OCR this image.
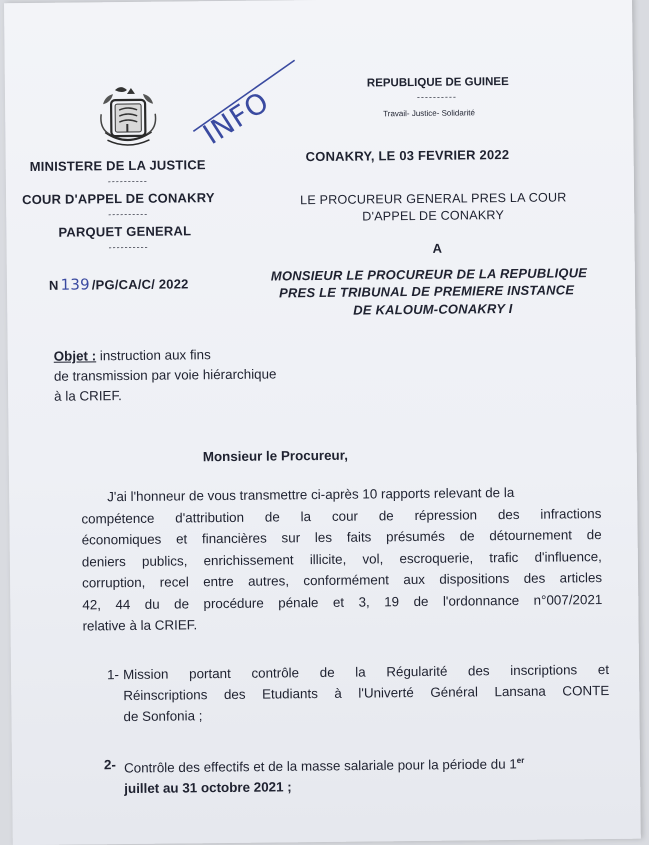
INFO
MINISTERE DE LA JUSTICE
----------
COUR D'APPEL DE CONAKRY
----------
PARQUET GENERAL
----------
N 139 /PG/CA/C/ 2022
REPUBLIQUE DE GUINEE
----------
Travail- Justice- Solidarité
CONAKRY, LE 03 FEVRIER 2022
LE PROCUREUR GENERAL PRES LA COUR
D'APPEL DE CONAKRY
A
MONSIEUR LE PROCUREUR DE LA REPUBLIQUE
PRES LE TRIBUNAL DE PREMIERE INSTANCE
DE KALOUM-CONAKRY I
Objet : instruction aux fins
de transmission par voie hiérarchique
à la CRIEF.
Monsieur le Procureur,
J'ai l'honneur de vous transmettre ci-après 10 rapports relevant de la
compétence d'attribution de la cour de répression des infractions
économiques et financières sur les faits présumés de détournement de
deniers publics, enrichissement illicite, vol, escroquerie, trafic d'influence,
corruption, recel entre autres, conformément aux dispositions des articles
42, 44 du de procédure pénale et 3, 19 de l'ordonnance n°007/2021
relative à la CRIEF.
1- Mission portant contrôle de la Régularité des inscriptions et
Réinscriptions des Etudiants à l'Univerté Général Lansana CONTE
de Sonfonia ;
2- Contrôle des effectifs et de la masse salariale pour la période du 1er
juillet au 31 octobre 2021 ;
